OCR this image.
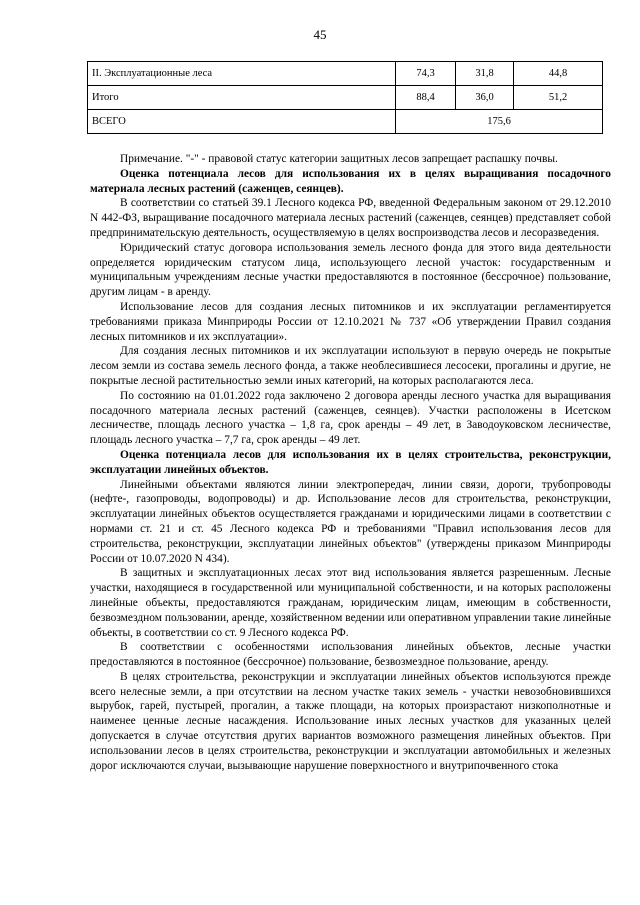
45
II. Эксплуатационные леса	74,3	31,8	44,8
Итого	88,4	36,0	51,2
ВСЕГО	175,6		

Примечание. "-" - правовой статус категории защитных лесов запрещает распашку почвы.

Оценка потенциала лесов для использования их в целях выращивания посадочного материала лесных растений (саженцев, сеянцев).

В соответствии со статьей 39.1 Лесного кодекса РФ, введенной Федеральным законом от 29.12.2010 N 442-ФЗ, выращивание посадочного материала лесных растений (саженцев, сеянцев) представляет собой предпринимательскую деятельность, осуществляемую в целях воспроизводства лесов и лесоразведения.

Юридический статус договора использования земель лесного фонда для этого вида деятельности определяется юридическим статусом лица, использующего лесной участок: государственным и муниципальным учреждениям лесные участки предоставляются в постоянное (бессрочное) пользование, другим лицам - в аренду.

Использование лесов для создания лесных питомников и их эксплуатации регламентируется требованиями приказа Минприроды России от 12.10.2021 № 737 «Об утверждении Правил создания лесных питомников и их эксплуатации».

Для создания лесных питомников и их эксплуатации используют в первую очередь не покрытые лесом земли из состава земель лесного фонда, а также необлесившиеся лесосеки, прогалины и другие, не покрытые лесной растительностью земли иных категорий, на которых располагаются леса.

По состоянию на 01.01.2022 года заключено 2 договора аренды лесного участка для выращивания посадочного материала лесных растений (саженцев, сеянцев). Участки расположены в Исетском лесничестве, площадь лесного участка – 1,8 га, срок аренды – 49 лет, в Заводоуковском лесничестве, площадь лесного участка – 7,7 га, срок аренды – 49 лет.

Оценка потенциала лесов для использования их в целях строительства, реконструкции, эксплуатации линейных объектов.

Линейными объектами являются линии электропередач, линии связи, дороги, трубопроводы (нефте-, газопроводы, водопроводы) и др. Использование лесов для строительства, реконструкции, эксплуатации линейных объектов осуществляется гражданами и юридическими лицами в соответствии с нормами ст. 21 и ст. 45 Лесного кодекса РФ и требованиями "Правил использования лесов для строительства, реконструкции, эксплуатации линейных объектов" (утверждены приказом Минприроды России от 10.07.2020 N 434).

В защитных и эксплуатационных лесах этот вид использования является разрешенным. Лесные участки, находящиеся в государственной или муниципальной собственности, и на которых расположены линейные объекты, предоставляются гражданам, юридическим лицам, имеющим в собственности, безвозмездном пользовании, аренде, хозяйственном ведении или оперативном управлении такие линейные объекты, в соответствии со ст. 9 Лесного кодекса РФ.

В соответствии с особенностями использования линейных объектов, лесные участки предоставляются в постоянное (бессрочное) пользование, безвозмездное пользование, аренду.

В целях строительства, реконструкции и эксплуатации линейных объектов используются прежде всего нелесные земли, а при отсутствии на лесном участке таких земель - участки невозобновившихся вырубок, гарей, пустырей, прогалин, а также площади, на которых произрастают низкополнотные и наименее ценные лесные насаждения. Использование иных лесных участков для указанных целей допускается в случае отсутствия других вариантов возможного размещения линейных объектов. При использовании лесов в целях строительства, реконструкции и эксплуатации автомобильных и железных дорог исключаются случаи, вызывающие нарушение поверхностного и внутрипочвенного стока
